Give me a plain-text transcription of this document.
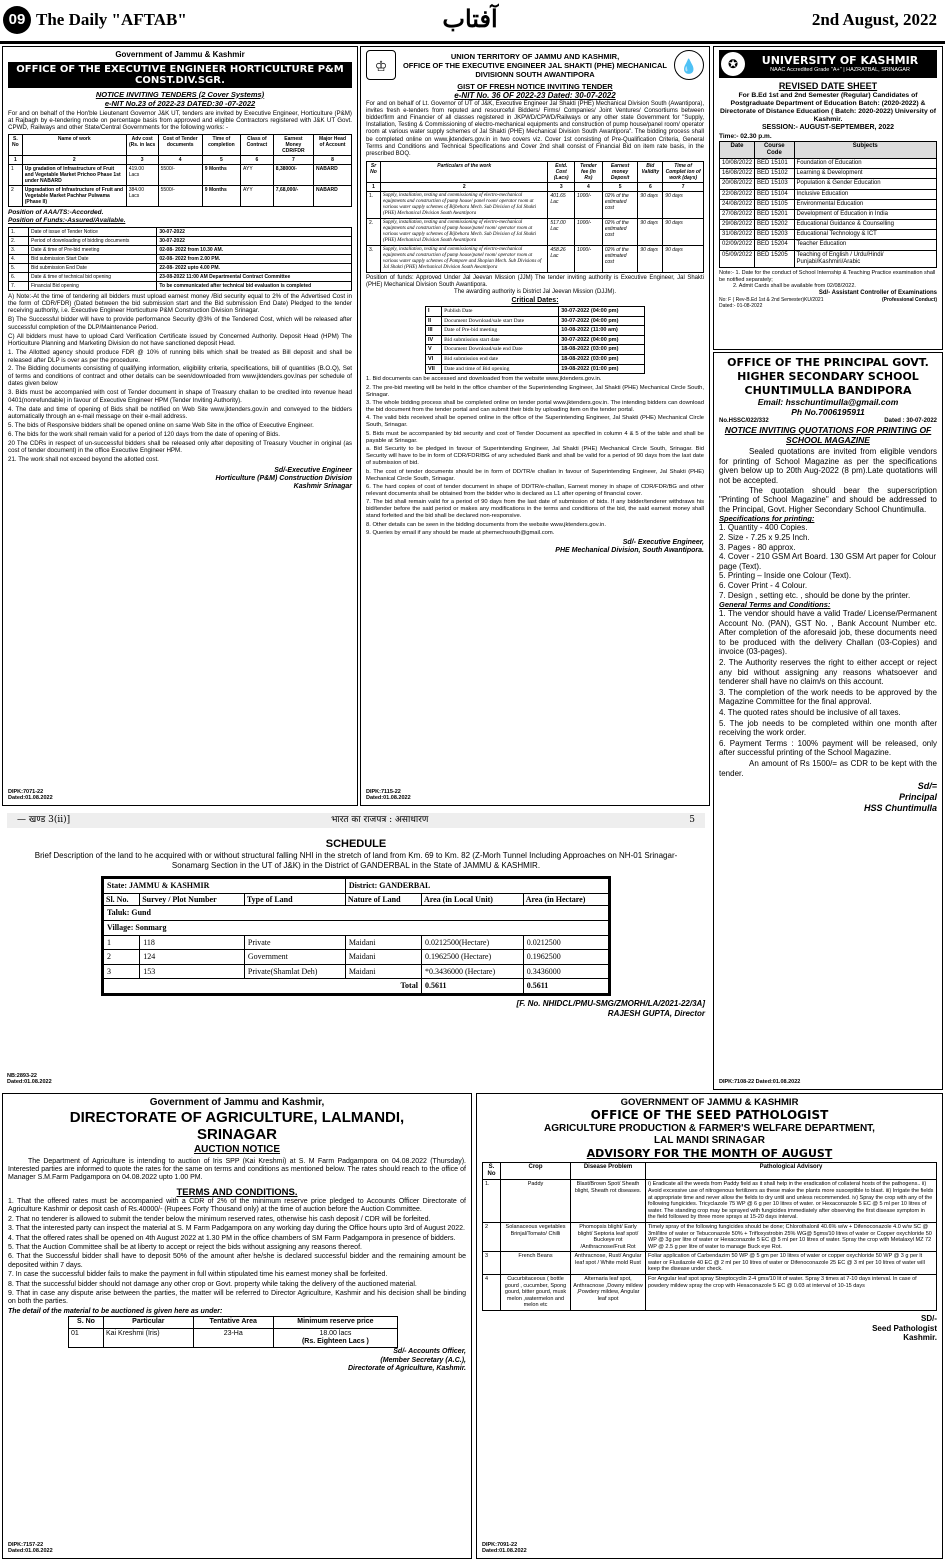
09 The Daily "AFTAB"	آفتاب	2nd August, 2022
Government of Jammu & Kashmir
OFFICE OF THE EXECUTIVE ENGINEER HORTICULTURE P&M CONST.DIV.SGR.
NOTICE INVITING TENDERS (2 Cover Systems)
e-NIT No.23 of 2022-23 DATED:30 -07-2022
For and on behalf of the Hon'ble Lieutenant Governor J&K UT, tenders are invited by Executive Engineer, Horticulture (P&M) at Rajbagh by e-tendering mode on percentage basis from approved and eligible Contractors registered with J&K UT Govt. CPWD, Railways and other State/Central Governments for the following works: -
S. No	Name of work	Adv cost (Rs. in lacs	Cost of Tender documents	Time of completion	Class of Contract	Earnest Money CDR/FDR	Major Head of Account
1	2	3	4	5	6	7	8
1	Up gradation of Infrastructure of Fruit and Vegetable Market Prichoo Phase 1st under NABARD	419.00 Lacs	5500/-	9 Months	AYY	8,38000/-	NABARD
2	Upgradation of Infrastructure of Fruit and Vegetable Market Pachhar Pulwama (Phase II)	384.00 Lacs	5500/-	9 Months	AYY	7,68,000/-	NABARD
Position of AAA/TS:-Accorded.
Position of Funds:-Assured/Available.
1.	Date of issue of Tender Notice	30-07-2022
2.	Period of downloading of bidding documents	30-07-2022
3.	Date & time of Pre-bid meeting	02-08- 2022 from 10.30 AM.
4.	Bid submission Start Date	02-08- 2022 from 2.00 PM.
5.	Bid submission End Date	22-08- 2022 upto 4.00 PM.
6.	Date & time of technical bid opening	23-08-2022 11:00 AM Departmental Contract Committee
7.	Financial Bid opening	To be communicated after technical bid evaluation is completed

A) Note:-At the time of tendering all bidders must upload earnest money /Bid security equal to 2% of the Advertised Cost in the form of CDR/FDR) (Dated between the bid submission start and the Bid submission End Date) Pledged to the tender receiving authority, i.e. Executive Engineer Horticulture P&M Construction Division Srinagar.

B) The Successful bidder will have to provide performance Security @3% of the Tendered Cost, which will be released after successful completion of the DLP/Maintenance Period.

C) All bidders must have to upload Card Verification Certificate issued by Concerned Authority. Deposit Head (HPM) The Horticulture Planning and Marketing Division do not have sanctioned deposit Head.

1. The Allotted agency should produce FDR @ 10% of running bills which shall be treated as Bill deposit and shall be released after DLP is over as per the procedure.

2. The Bidding documents consisting of qualifying information, eligibility criteria, specifications, bill of quantities (B.O.Q), Set of terms and conditions of contract and other details can be seen/downloaded from www.jktenders.gov.lnas per schedule of dates given below

3. Bids must be accompanied with cost of Tender document in shape of Treasury challan to be credited into revenue head 0401(nonrefundable) in favour of Executive Engineer HPM (Tender Inviting Authority).

4. The date and time of opening of Bids shall be notified on Web Site www.jktenders.gov.in and conveyed to the bidders automatically through an e-mail message on their e-mail address.

5. The bids of Responsive bidders shall be opened online on same Web Site in the office of Executive Engineer.

6. The bids for the work shall remain valid for a period of 120 days from the date of opening of Bids.

20 The CDRs in respect of un-successful bidders shall be released only after depositing of Treasury Voucher in original (as cost of tender document) in the office Executive Engineer HPM.

21. The work shall not exceed beyond the allotted cost.

Sd/-Executive Engineer
Horticulture (P&M) Construction Division
Kashmir Srinagar
DIPK:7071-22
Dated:01.08.2022
♔
UNION TERRITORY OF JAMMU AND KASHMIR,
OFFICE OF THE EXECUTIVE ENGINEER JAL SHAKTI (PHE) MECHANICAL DIVISIONN SOUTH AWANTIPORA	💧
GIST OF FRESH NOTICE INVITING TENDER
e-NIT No. 36 OF 2022-23 Dated: 30-07-2022
For and on behalf of Lt. Governor of UT of J&K, Executive Engineer Jal Shakti (PHE) Mechanical Division South (Awantipora), invites fresh e-tenders from reputed and resourceful Bidders/ Firms/ Companies/ Joint Ventures/ Consortiums between bidder/firm and Financier of all classes registered in JKPWD/CPWD/Railways or any other state Government for "Supply, Installation, Testing & Commissioning of electro-mechanical equipments and construction of pump house/panel room/ operator room at various water supply schemes of Jal Shakti (PHE) Mechanical Division South Awantipora". The bidding process shall be completed online on www.jktenders.gov.in in two covers viz. Cover 1st consisting of Pre-Qualification Criteria, General Terms and Conditions and Technical Specifications and Cover 2nd shall consist of Financial Bid on item rate basis, in the prescribed BOQ.
Sr No	Particulars of the work	Estd. Cost (Lacs)	Tender fee (in Rs)	Earnest money Deposit	Bid Validity	Time of Complet ion of work (days)
1	2	3	4	5	6	7
1.	Supply, installation, testing and commissioning of electro-mechanical equipments and construction of pump house/ panel room/ operator room at various water supply schemes of Bijbehara Mech. Sub Division of Jal Shakti (PHE) Mechanical Division South Awantipora	401.65 Lac	1000/-	02% of the estimated cost	90 days	90 days
2.	Supply, installation, testing and commissioning of electro-mechanical equipments and construction of pump house/panel room/ operator room at various water supply schemes of Bijbehara Mech. Sub Division of Jal Shakti (PHE) Mechanical Division South Awantipora	517.00 Lac	1000/-	02% of the estimated cost	90 days	90 days
3.	Supply, installation, testing and commissioning of electro-mechanical equipments and construction of pump house/panel room/ operator room at various water supply schemes of Pampore and Shopian Mech. Sub Divisions of Jal Shakti (PHE) Mechanical Division South Awantipora	458.26 Lac	1000/-	02% of the estimated cost	90 days	90 days
Position of funds: Approved Under Jal Jeevan Mission (JJM) The tender inviting authority is Executive Engineer, Jal Shakti (PHE) Mechanical Division South Awantipora.
The awarding authority is District Jal Jeevan Mission (DJJM).
Critical Dates:
I	Publish Date	30-07-2022 (04:00 pm)
II	Document Download/sale start Date	30-07-2022 (04:00 pm)
III	Date of Pre-bid meeting	10-08-2022 (11:00 am)
IV	Bid submission start date	30-07-2022 (04:00 pm)
V	Document Download/sale end Date	18-08-2022 (03:00 pm)
VI	Bid submission end date	18-08-2022 (03:00 pm)
VII	Date and time of Bid opening	19-08-2022 (01:00 pm)

1. Bid documents can be accessed and downloaded from the website www.jktenders.gov.in.

2. The pre-bid meeting will be held in the office chamber of the Superintending Engineer, Jal Shakti (PHE) Mechanical Circle South, Srinagar.

3. The whole bidding process shall be completed online on tender portal www.jktenders.gov.in. The intending bidders can download the bid document from the tender portal and can submit their bids by uploading item on the tender portal.

4. The valid bids received shall be opened online in the office of the Superintending Engineer, Jal Shakti (PHE) Mechanical Circle South, Srinagar.

5. Bids must be accompanied by bid security and cost of Tender Document as specified in column 4 & 5 of the table and shall be payable at Srinagar.

a. Bid Security to be pledged in favour of Superintending Engineer, Jal Shakti (PHE) Mechanical Circle South, Srinagar. Bid Security will have to be in form of CDR/FDR/BG of any scheduled Bank and shall be valid for a period of 90 days from the last date of submission of bid.

b. The cost of tender documents should be in form of DD/TR/e challan in favour of Superintending Engineer, Jal Shakti (PHE) Mechanical Circle South, Srinagar.

6. The hard copies of cost of tender document in shape of DD/TR/e-challan, Earnest money in shape of CDR/FDR/BG and other relevant documents shall be obtained from the bidder who is declared as L1 after opening of financial cover.

7. The bid shall remain valid for a period of 90 days from the last date of submission of bids. If any bidder/tenderer withdraws his bid/tender before the said period or makes any modifications in the terms and conditions of the bid, the said earnest money shall stand forfeited and the bid shall be declared non-responsive.

8. Other details can be seen in the bidding documents from the website www.jktenders.gov.in.

9. Queries by email if any should be made at phemechsouth@gmail.com.

Sd/- Executive Engineer,
PHE Mechanical Division, South Awantipora.
DIPK:7115-22
Dated:01.08.2022
✪	UNIVERSITY OF KASHMIR
NAAC Accredited Grade "A+" | HAZRATBAL, SRINAGAR
REVISED DATE SHEET
For B.Ed 1st and 2nd Semester (Regular) Candidates of Postgraduate Department of Education Batch: (2020-2022) & Directorate of Distance Education ( Batch: 2020-2022) University of Kashmir.
SESSION:- AUGUST-SEPTEMBER, 2022
Time:- 02.30 p.m.
Date	Course Code	Subjects
10/08/2022	BED 15101	Foundation of Education
16/08/2022	BED 15102	Learning & Development
20/08/2022	BED 15103	Population & Gender Education
22/08/2022	BED 15104	Inclusive Education
24/08/2022	BED 15105	Environmental Education
27/08/2022	BED 15201	Development of Education in India
29/08/2022	BED 15202	Educational Guidance & Counselling
31/08/2022	BED 15203	Educational Technology & ICT
02/09/2022	BED 15204	Teacher Education
05/09/2022	BED 15205	Teaching of English / Urdu/Hindi/ Punjabi/Kashmiri/Arabic
Note:- 1. Date for the conduct of School Internship & Teaching Practice examination shall be notified separately;
2. Admit Cards shall be available from 02/08/2022.
Sd/- Assistant Controller of Examinations
No: F ( Rev-B.Ed 1st & 2nd Semester)KU/2021	(Professional Conduct)
Dated:- 01-08-2022
OFFICE OF THE PRINCIPAL GOVT. HIGHER SECONDARY SCHOOL CHUNTIMULLA BANDIPORA
Email: hsschuntimulla@gmail.com
Ph No.7006195911
No.HSSC/022/332	Dated : 30-07-2022
NOTICE INVITING QUOTATIONS FOR PRINTING OF SCHOOL MAGAZINE
Sealed quotations are invited from eligible vendors for printing of School Magazine as per the specifications given below up to 20th Aug-2022 (8 pm).Late quotations will not be accepted.
The quotation should bear the superscription "Printing of School Magazine" and should be addressed to the Principal, Govt. Higher Secondary School Chuntimulla.
Specifications for printing:

1. Quantity - 400 Copies.

2. Size - 7.25 x 9.25 Inch.

3. Pages - 80 approx.

4. Cover - 210 GSM Art Board. 130 GSM Art paper for Colour page (Text).

5. Printing – Inside one Colour (Text).

6. Cover Print - 4 Colour.

7. Design , setting etc. , should be done by the printer.

General Terms and Conditions:

1. The vendor should have a valid Trade/ License/Permanent Account No. (PAN), GST No. , Bank Account Number etc. After completion of the aforesaid job, these documents need to be produced with the delivery Challan (03-Copies) and invoice (03-pages).

2. The Authority reserves the right to either accept or reject any bid without assigning any reasons whatsoever and tenderer shall have no claim/s on this account.

3. The completion of the work needs to be approved by the Magazine Committee for the final approval.

4. The quoted rates should be inclusive of all taxes.

5. The job needs to be completed within one month after receiving the work order.

6. Payment Terms : 100% payment will be released, only after successful printing of the School Magazine.

An amount of Rs 1500/= as CDR to be kept with the tender.
Sd/=
Principal
HSS Chuntimulla
DIPK:7108-22 Dated:01.08.2022
— खण्ड 3(ii)]	भारत का राजपत्र : असाधारण	5
SCHEDULE
Brief Description of the land to he acquired with or without structural falling NHI in the stretch of land from Km. 69 to Km. 82 (Z-Morh Tunnel Including Approaches on NH-01 Srinagar-Sonamarg Section in the UT of J&K) in the District of GANDERBAL in the State of JAMMU & KASHMIR.
State: JAMMU & KASHMIR			District: GANDERBAL		
Sl. No.	Survey / Plot Number	Type of Land	Nature of Land	Area (in Local Unit)	Area (in Hectare)
Taluk: Gund					
Village: Sonmarg					
1	118	Private	Maidani	0.0212500(Hectare)	0.0212500
2	124	Government	Maidani	0.1962500 (Hectare)	0.1962500
3	153	Private(Shamlat Deh)	Maidani	*0.3436000 (Hectare)	0.3436000
Total				0.5611	0.5611
[F. No. NHIDCL/PMU-SMG/ZMORH/LA/2021-22/3A]
RAJESH GUPTA, Director
NB:2893-22
Dated:01.08.2022
Government of Jammu and Kashmir,
DIRECTORATE OF AGRICULTURE, LALMANDI, SRINAGAR
AUCTION NOTICE
The Department of Agriculture is intending to auction of Iris SPP (Kai Kreshmi) at S. M Farm Padgampora on 04.08.2022 (Thursday). Interested parties are informed to quote the rates for the same on terms and conditions as mentioned below. The rates should reach to the office of Manager S.M.Farm Padgampora on 04.08.2022 upto 1.00 PM.
TERMS AND CONDITIONS.

1. That the offered rates must be accompanied with a CDR of 2% of the minimum reserve price pledged to Accounts Officer Directorate of Agriculture Kashmir or deposit cash of Rs.40000/- (Rupees Forty Thousand only) at the time of auction before the Auction Committee.

2. That no tenderer is allowed to submit the tender below the minimum reserved rates, otherwise his cash deposit / CDR will be forfeited.

3. That the interested party can inspect the material at S. M Farm Padgampora on any working day during the Office hours upto 3rd of August 2022.

4. That the offered rates shall be opened on 4th August 2022 at 1.30 PM in the office chambers of SM Farm Padgampora in presence of bidders.

5. That the Auction Committee shall be at liberty to accept or reject the bids without assigning any reasons thereof.

6. That the Successful bidder shall have to deposit 50% of the amount after he/she is declared successful bidder and the remaining amount be deposited within 7 days.

7. In case the successful bidder fails to make the payment in full within stipulated time his earnest money shall be forfeited.

8. That the successful bidder should not damage any other crop or Govt. property while taking the delivery of the auctioned material.

9. That in case any dispute arise between the parties, the matter will be referred to Director Agriculture, Kashmir and his decision shall be binding on both the parties.

The detail of the material to be auctioned is given here as under:
S. No	Particular	Tentative Area	Minimum reserve price
01	Kai Kreshmi (Iris)	23-Ha	18.00 lacs
(Rs. Eighteen Lacs )
Sd/- Accounts Officer,
(Member Secretary (A.C.),
Directorate of Agriculture, Kashmir.
DIPK:7157-22
Dated:01.08.2022
GOVERNMENT OF JAMMU & KASHMIR
OFFICE OF THE SEED PATHOLOGIST
AGRICULTURE PRODUCTION & FARMER'S WELFARE DEPARTMENT,
LAL MANDI SRINAGAR
ADVISORY FOR THE MONTH OF AUGUST
S. No	Crop	Disease Problem	Pathological Advisory
1.	Paddy	Blast/Brown Spot/ Sheath blight, Sheath rot diseases.	i) Eradicate all the weeds from Paddy field as it shall help in the eradication of collateral hosts of the pathogens.. ii) Avoid excessive use of nitrogenous fertilizers as these make the plants more susceptible to blast. iii) Irrigate the fields at appropriate time and never allow the fields to dry until and unless recommended. iv) Spray the crop with any of the following fungicides. Tricyclazole 75 WP @ 6 g per 10 litres of water. or Hexaconazole 5 EC @ 5 ml per 10 litres of water. The standing crop may be sprayed with fungicides immediately after observing the first disease symptom in the field followed by three more sprays at 15-20 days interval.
2	Solanaceous vegetables Brinjal/Tomato/ Chilli	Phomopsis blight/ Early blight/ Septoria leaf spot/ Buckeye rot /Anthracnose/Fruit Rot	Timely spray of the following fungicides should be done; Chlorothalonil 40.6% w/w + Difenoconazole 4.0 w/w SC @ 3ml/litre of water or Tebuconazole 50% + Trifloxystrobin 25% WG@ 5gms/10 litres of water or Copper oxychloride 50 WP @ 3g per litre of water or Hexaconazole 5 EC @ 5 ml per 10 litres of water. Spray the crop with Metalaxyl MZ 72 WP @ 2.5 g per litre of water to manage Buck eye Rot.
3	French Beans	Anthracnose, Rust/ Angular leaf spot / White mold Rust	Foliar application of Carbendazim 50 WP @ 5 gm per 10 litres of water or copper oxychloride 50 WP @ 3 g per lt water or Flusilazole 40 EC @ 2 ml per 10 litres of water or Difenoconazole 25 EC @ 3 ml per 10 litres of water will keep the disease under check.
4	Cucurbitaceous ( bottle gourd , cucumber, Spong gourd, bitter gourd, musk melon ,watermelon and melon etc	Alternaria leaf spot, Anthracnose ,Downy mildew ,Powdery mildew, Angular leaf spot	For Angular leaf spot spray Streptocyclin 2-4 gms/10 lit of water. Spray 3 times at 7-10 days interval. In case of powdery mildew spray the crop with Hexaconazole 5 EC @ 0.03 at interval of 10-15 days
SD/-
Seed Pathologist
Kashmir.
DIPK:7091-22
Dated:01.08.2022
